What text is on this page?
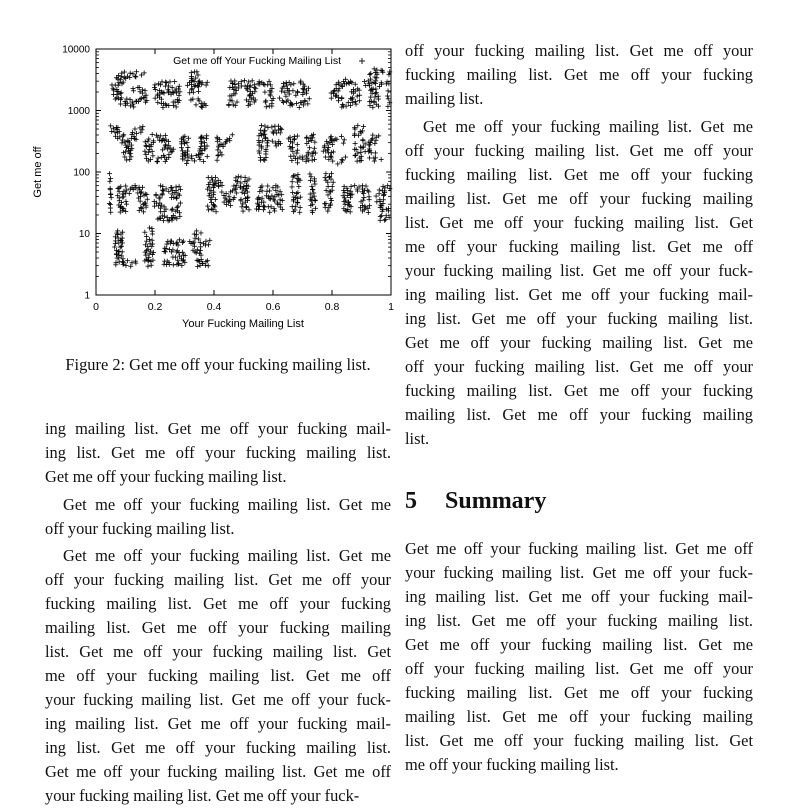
0	0.2	0.4	0.6	0.8	1
1
10
100
1000
10000
Get me off Your Fucking Mailing List
Your Fucking Mailing List
Get me off
Figure 2: Get me off your fucking mailing list.
ing mailing list. Get me off your fucking mail-
ing list. Get me off your fucking mailing list.
Get me off your fucking mailing list.
Get me off your fucking mailing list. Get me
off your fucking mailing list.
Get me off your fucking mailing list. Get me
off your fucking mailing list. Get me off your
fucking mailing list. Get me off your fucking
mailing list. Get me off your fucking mailing
list. Get me off your fucking mailing list. Get
me off your fucking mailing list. Get me off
your fucking mailing list. Get me off your fuck-
ing mailing list. Get me off your fucking mail-
ing list. Get me off your fucking mailing list.
Get me off your fucking mailing list. Get me off
your fucking mailing list. Get me off your fuck-
off your fucking mailing list. Get me off your
fucking mailing list. Get me off your fucking
mailing list.
Get me off your fucking mailing list. Get me
off your fucking mailing list. Get me off your
fucking mailing list. Get me off your fucking
mailing list. Get me off your fucking mailing
list. Get me off your fucking mailing list. Get
me off your fucking mailing list. Get me off
your fucking mailing list. Get me off your fuck-
ing mailing list. Get me off your fucking mail-
ing list. Get me off your fucking mailing list.
Get me off your fucking mailing list. Get me
off your fucking mailing list. Get me off your
fucking mailing list. Get me off your fucking
mailing list. Get me off your fucking mailing
list.
5 Summary
Get me off your fucking mailing list. Get me off
your fucking mailing list. Get me off your fuck-
ing mailing list. Get me off your fucking mail-
ing list. Get me off your fucking mailing list.
Get me off your fucking mailing list. Get me
off your fucking mailing list. Get me off your
fucking mailing list. Get me off your fucking
mailing list. Get me off your fucking mailing
list. Get me off your fucking mailing list. Get
me off your fucking mailing list.
